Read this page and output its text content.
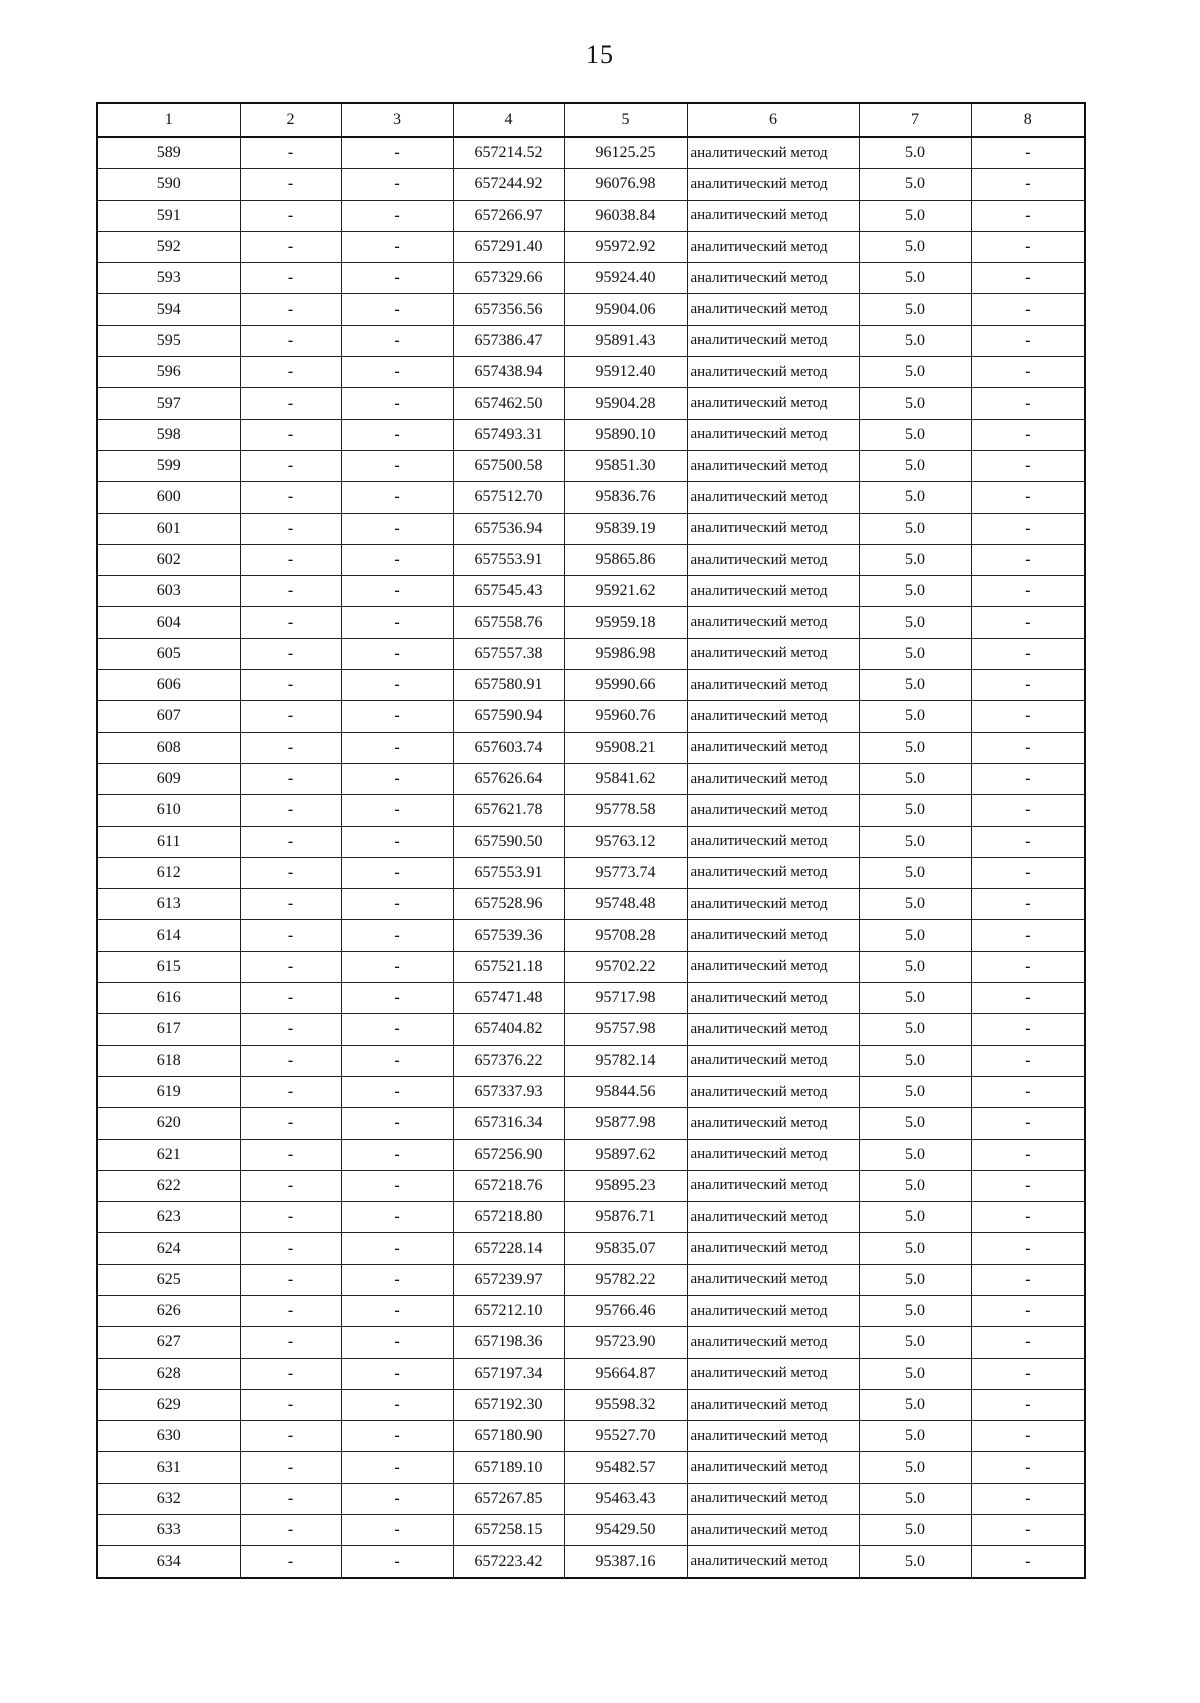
15
1	2	3	4	5	6	7	8
589	-	-	657214.52	96125.25	аналитический метод	5.0	-
590	-	-	657244.92	96076.98	аналитический метод	5.0	-
591	-	-	657266.97	96038.84	аналитический метод	5.0	-
592	-	-	657291.40	95972.92	аналитический метод	5.0	-
593	-	-	657329.66	95924.40	аналитический метод	5.0	-
594	-	-	657356.56	95904.06	аналитический метод	5.0	-
595	-	-	657386.47	95891.43	аналитический метод	5.0	-
596	-	-	657438.94	95912.40	аналитический метод	5.0	-
597	-	-	657462.50	95904.28	аналитический метод	5.0	-
598	-	-	657493.31	95890.10	аналитический метод	5.0	-
599	-	-	657500.58	95851.30	аналитический метод	5.0	-
600	-	-	657512.70	95836.76	аналитический метод	5.0	-
601	-	-	657536.94	95839.19	аналитический метод	5.0	-
602	-	-	657553.91	95865.86	аналитический метод	5.0	-
603	-	-	657545.43	95921.62	аналитический метод	5.0	-
604	-	-	657558.76	95959.18	аналитический метод	5.0	-
605	-	-	657557.38	95986.98	аналитический метод	5.0	-
606	-	-	657580.91	95990.66	аналитический метод	5.0	-
607	-	-	657590.94	95960.76	аналитический метод	5.0	-
608	-	-	657603.74	95908.21	аналитический метод	5.0	-
609	-	-	657626.64	95841.62	аналитический метод	5.0	-
610	-	-	657621.78	95778.58	аналитический метод	5.0	-
611	-	-	657590.50	95763.12	аналитический метод	5.0	-
612	-	-	657553.91	95773.74	аналитический метод	5.0	-
613	-	-	657528.96	95748.48	аналитический метод	5.0	-
614	-	-	657539.36	95708.28	аналитический метод	5.0	-
615	-	-	657521.18	95702.22	аналитический метод	5.0	-
616	-	-	657471.48	95717.98	аналитический метод	5.0	-
617	-	-	657404.82	95757.98	аналитический метод	5.0	-
618	-	-	657376.22	95782.14	аналитический метод	5.0	-
619	-	-	657337.93	95844.56	аналитический метод	5.0	-
620	-	-	657316.34	95877.98	аналитический метод	5.0	-
621	-	-	657256.90	95897.62	аналитический метод	5.0	-
622	-	-	657218.76	95895.23	аналитический метод	5.0	-
623	-	-	657218.80	95876.71	аналитический метод	5.0	-
624	-	-	657228.14	95835.07	аналитический метод	5.0	-
625	-	-	657239.97	95782.22	аналитический метод	5.0	-
626	-	-	657212.10	95766.46	аналитический метод	5.0	-
627	-	-	657198.36	95723.90	аналитический метод	5.0	-
628	-	-	657197.34	95664.87	аналитический метод	5.0	-
629	-	-	657192.30	95598.32	аналитический метод	5.0	-
630	-	-	657180.90	95527.70	аналитический метод	5.0	-
631	-	-	657189.10	95482.57	аналитический метод	5.0	-
632	-	-	657267.85	95463.43	аналитический метод	5.0	-
633	-	-	657258.15	95429.50	аналитический метод	5.0	-
634	-	-	657223.42	95387.16	аналитический метод	5.0	-
